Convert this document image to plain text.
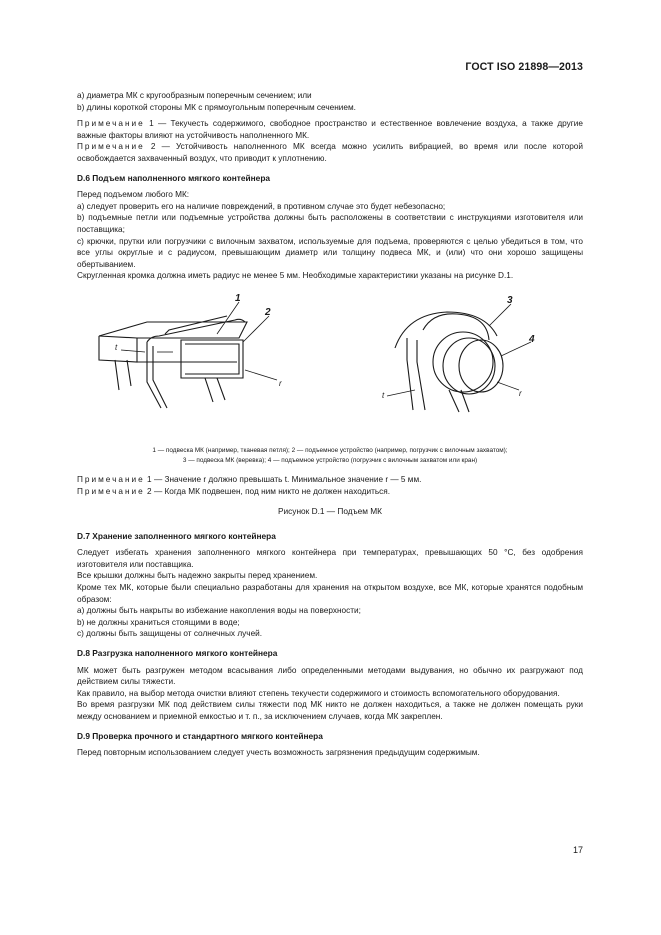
ГОСТ ISO 21898—2013

а) диаметра МК с кругообразным поперечным сечением; или

b) длины короткой стороны МК с прямоугольным поперечным сечением.

Примечание 1 — Текучесть содержимого, свободное пространство и естественное вовлечение воздуха, а также другие важные факторы влияют на устойчивость наполненного МК.

Примечание 2 — Устойчивость наполненного МК всегда можно усилить вибрацией, во время или после которой освобождается захваченный воздух, что приводит к уплотнению.

D.6 Подъем наполненного мягкого контейнера

Перед подъемом любого МК:

а) следует проверить его на наличие повреждений, в противном случае это будет небезопасно;

b) подъемные петли или подъемные устройства должны быть расположены в соответствии с инструкциями изготовителя или поставщика;

с) крючки, прутки или погрузчики с вилочным захватом, используемые для подъема, проверяются с целью убедиться в том, что все углы округлые и с радиусом, превышающим диаметр или толщину подвеса МК, и (или) что они хорошо защищены обертыванием.

Скругленная кромка должна иметь радиус не менее 5 мм. Необходимые характеристики указаны на рисунке D.1.

1
2
3
4
t
r
t	r
1 — подвеска МК (например, тканевая петля); 2 — подъемное устройство (например, погрузчик с вилочным захватом);
3 — подвеска МК (веревка); 4 — подъемное устройство (погрузчик с вилочным захватом или кран)

Примечание 1 — Значение r должно превышать t. Минимальное значение r — 5 мм.

Примечание 2 — Когда МК подвешен, под ним никто не должен находиться.

Рисунок D.1 — Подъем МК
D.7 Хранение заполненного мягкого контейнера

Следует избегать хранения заполненного мягкого контейнера при температурах, превышающих 50 °С, без одобрения изготовителя или поставщика.

Все крышки должны быть надежно закрыты перед хранением.

Кроме тех МК, которые были специально разработаны для хранения на открытом воздухе, все МК, которые хранятся подобным образом:

а) должны быть накрыты во избежание накопления воды на поверхности;

b) не должны храниться стоящими в воде;

с) должны быть защищены от солнечных лучей.

D.8 Разгрузка наполненного мягкого контейнера

МК может быть разгружен методом всасывания либо определенными методами выдувания, но обычно их разгружают под действием силы тяжести.

Как правило, на выбор метода очистки влияют степень текучести содержимого и стоимость вспомогательного оборудования.

Во время разгрузки МК под действием силы тяжести под МК никто не должен находиться, а также не должен помещать руки между основанием и приемной емкостью и т. п., за исключением случаев, когда МК закреплен.

D.9 Проверка прочного и стандартного мягкого контейнера

Перед повторным использованием следует учесть возможность загрязнения предыдущим содержимым.

17
